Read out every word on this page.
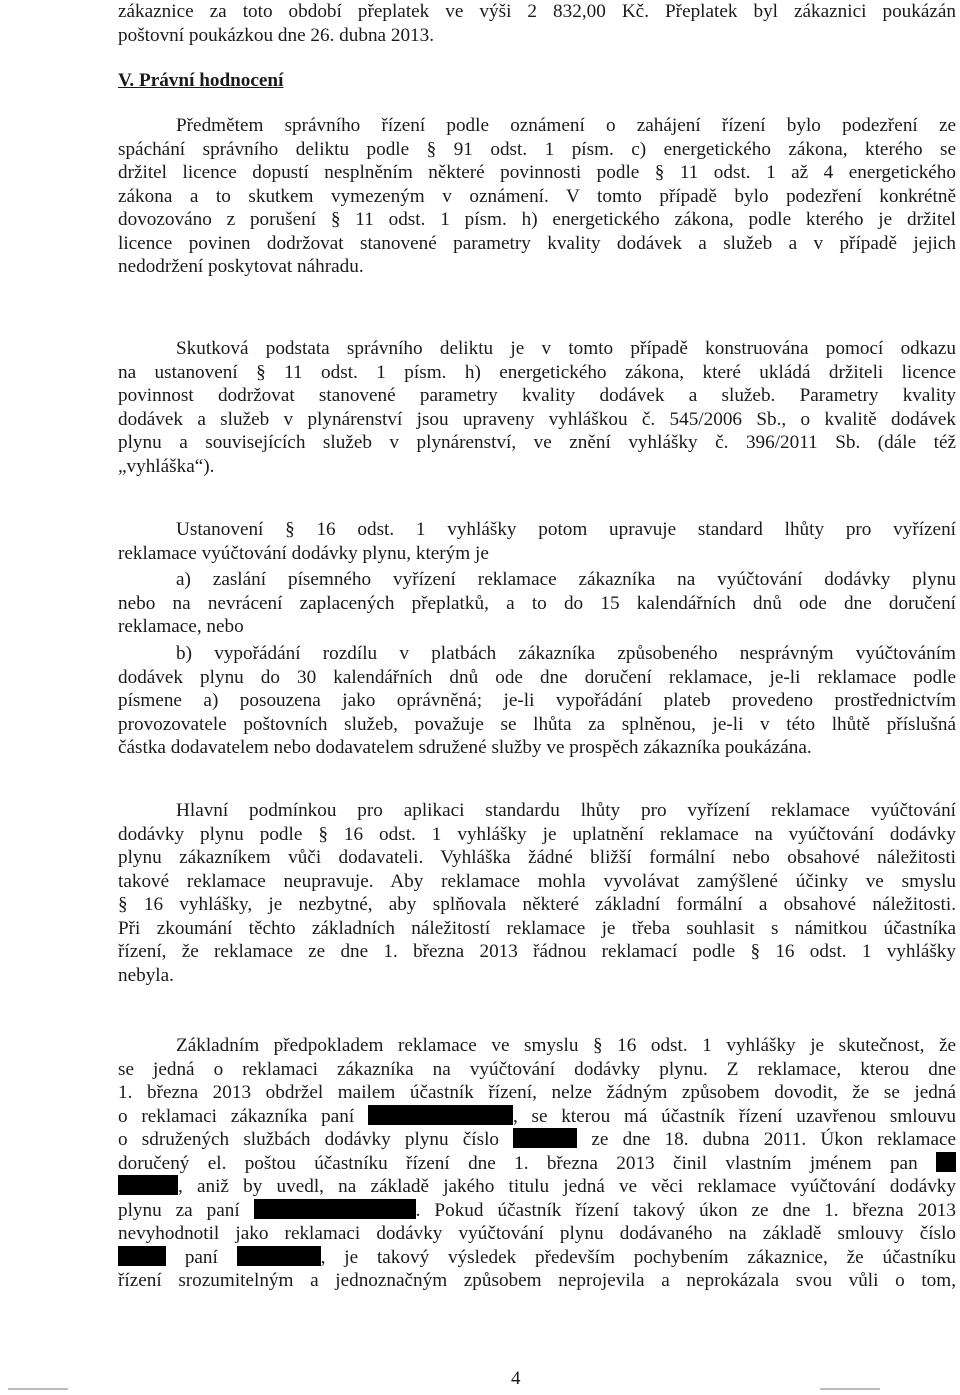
zákaznice za toto období přeplatek ve výši 2 832,00 Kč. Přeplatek byl zákaznici poukázán
poštovní poukázkou dne 26. dubna 2013.
V. Právní hodnocení
Předmětem správního řízení podle oznámení o zahájení řízení bylo podezření ze
spáchání správního deliktu podle § 91 odst. 1 písm. c) energetického zákona, kterého se
držitel licence dopustí nesplněním některé povinnosti podle § 11 odst. 1 až 4 energetického
zákona a to skutkem vymezeným v oznámení. V tomto případě bylo podezření konkrétně
dovozováno z porušení § 11 odst. 1 písm. h) energetického zákona, podle kterého je držitel
licence povinen dodržovat stanovené parametry kvality dodávek a služeb a v případě jejich
nedodržení poskytovat náhradu.
Skutková podstata správního deliktu je v tomto případě konstruována pomocí odkazu
na ustanovení § 11 odst. 1 písm. h) energetického zákona, které ukládá držiteli licence
povinnost dodržovat stanovené parametry kvality dodávek a služeb. Parametry kvality
dodávek a služeb v plynárenství jsou upraveny vyhláškou č. 545/2006 Sb., o kvalitě dodávek
plynu a souvisejících služeb v plynárenství, ve znění vyhlášky č. 396/2011 Sb. (dále též
„vyhláška“).
Ustanovení § 16 odst. 1 vyhlášky potom upravuje standard lhůty pro vyřízení
reklamace vyúčtování dodávky plynu, kterým je
a) zaslání písemného vyřízení reklamace zákazníka na vyúčtování dodávky plynu
nebo na nevrácení zaplacených přeplatků, a to do 15 kalendářních dnů ode dne doručení
reklamace, nebo
b) vypořádání rozdílu v platbách zákazníka způsobeného nesprávným vyúčtováním
dodávek plynu do 30 kalendářních dnů ode dne doručení reklamace, je-li reklamace podle
písmene a) posouzena jako oprávněná; je-li vypořádání plateb provedeno prostřednictvím
provozovatele poštovních služeb, považuje se lhůta za splněnou, je-li v této lhůtě příslušná
částka dodavatelem nebo dodavatelem sdružené služby ve prospěch zákazníka poukázána.
Hlavní podmínkou pro aplikaci standardu lhůty pro vyřízení reklamace vyúčtování
dodávky plynu podle § 16 odst. 1 vyhlášky je uplatnění reklamace na vyúčtování dodávky
plynu zákazníkem vůči dodavateli. Vyhláška žádné bližší formální nebo obsahové náležitosti
takové reklamace neupravuje. Aby reklamace mohla vyvolávat zamýšlené účinky ve smyslu
§ 16 vyhlášky, je nezbytné, aby splňovala některé základní formální a obsahové náležitosti.
Při zkoumání těchto základních náležitostí reklamace je třeba souhlasit s námitkou účastníka
řízení, že reklamace ze dne 1. března 2013 řádnou reklamací podle § 16 odst. 1 vyhlášky
nebyla.
Základním předpokladem reklamace ve smyslu § 16 odst. 1 vyhlášky je skutečnost, že
se jedná o reklamaci zákazníka na vyúčtování dodávky plynu. Z reklamace, kterou dne
1. března 2013 obdržel mailem účastník řízení, nelze žádným způsobem dovodit, že se jedná
o reklamaci zákazníka paní	, se kterou má účastník řízení uzavřenou smlouvu
o sdružených službách dodávky plynu číslo	ze dne 18. dubna 2011. Úkon reklamace
doručený el. poštou účastníku řízení dne 1. března 2013 činil vlastním jménem pan
, aniž by uvedl, na základě jakého titulu jedná ve věci reklamace vyúčtování dodávky
plynu za paní	. Pokud účastník řízení takový úkon ze dne 1. března 2013
nevyhodnotil jako reklamaci dodávky vyúčtování plynu dodávaného na základě smlouvy číslo
paní	, je takový výsledek především pochybením zákaznice, že účastníku
řízení srozumitelným a jednoznačným způsobem neprojevila a neprokázala svou vůli o tom,
4
